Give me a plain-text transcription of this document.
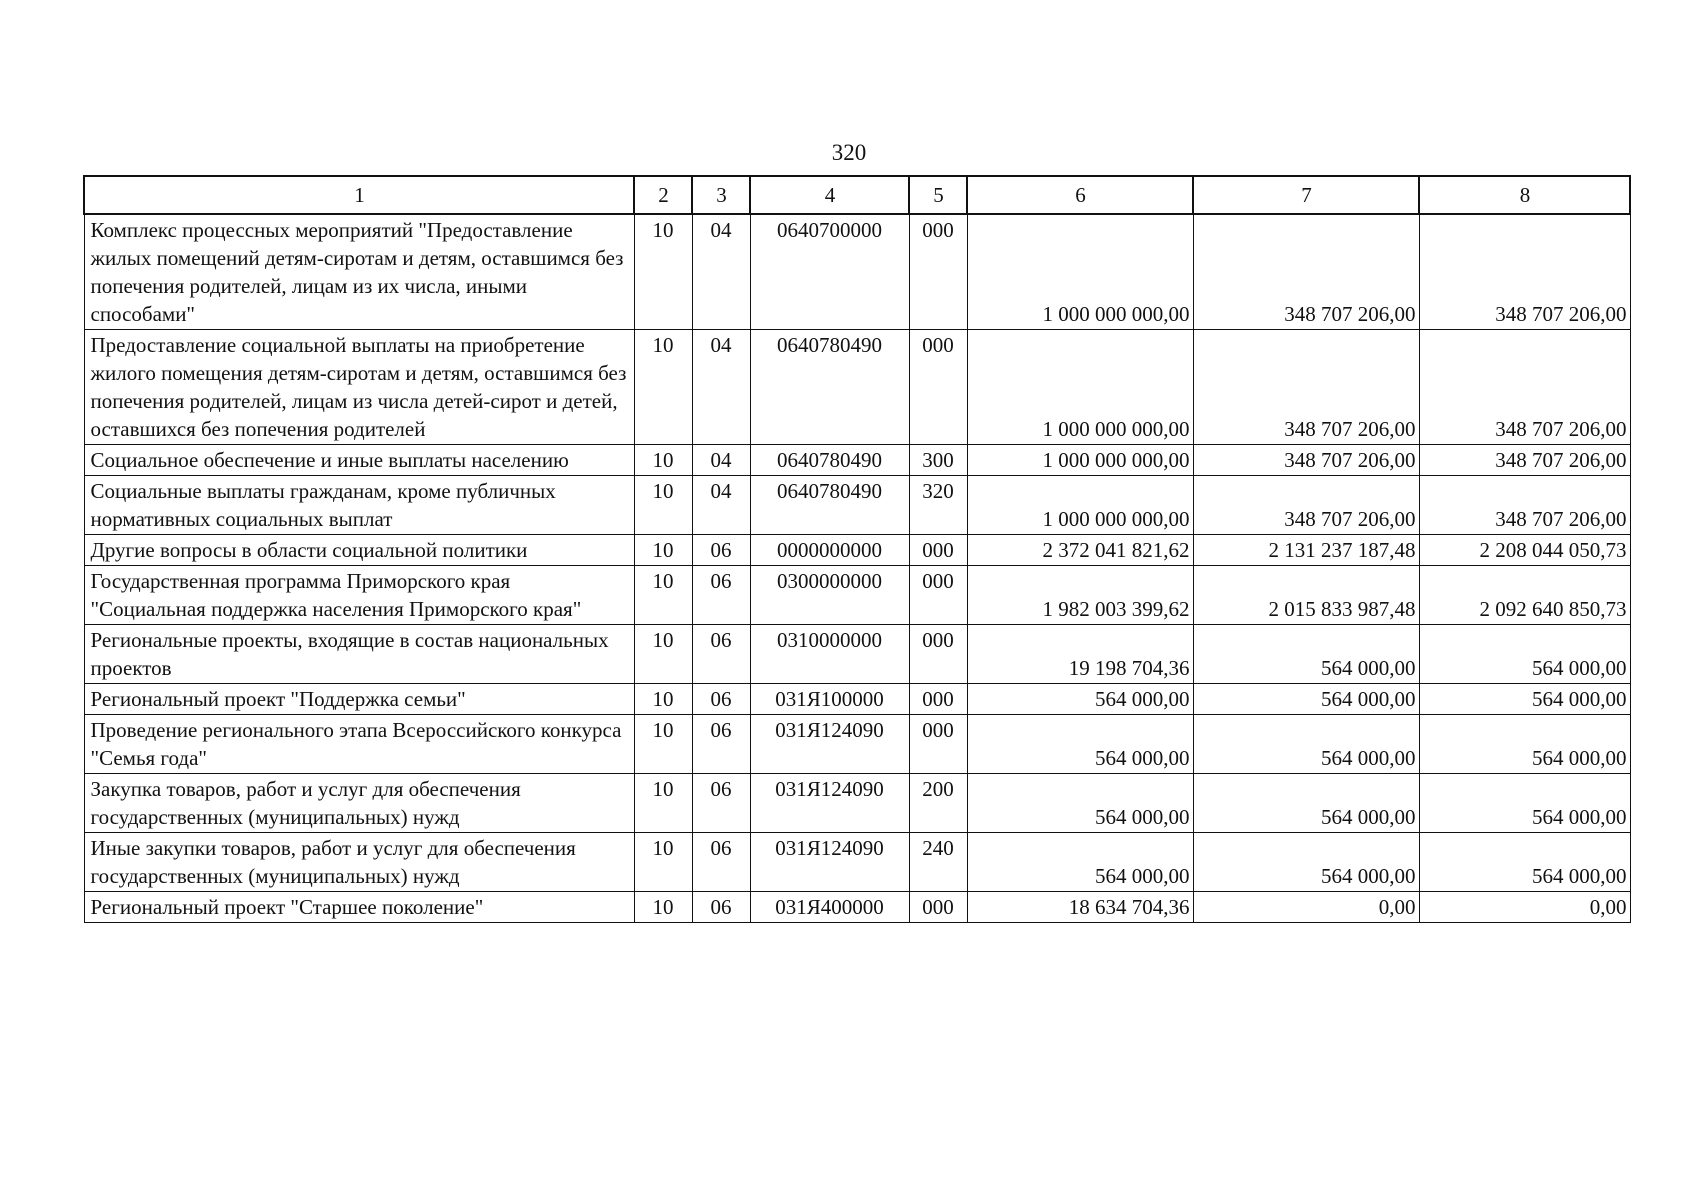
320
1	2	3	4	5	6	7	8
Комплекс процессных мероприятий "Предоставление жилых помещений детям-сиротам и детям, оставшимся без попечения родителей, лицам из их числа, иными способами"	10	04	0640700000	000	1 000 000 000,00	348 707 206,00	348 707 206,00
Предоставление социальной выплаты на приобретение жилого помещения детям-сиротам и детям, оставшимся без попечения родителей, лицам из числа детей-сирот и детей, оставшихся без попечения родителей	10	04	0640780490	000	1 000 000 000,00	348 707 206,00	348 707 206,00
Социальное обеспечение и иные выплаты населению	10	04	0640780490	300	1 000 000 000,00	348 707 206,00	348 707 206,00
Социальные выплаты гражданам, кроме публичных нормативных социальных выплат	10	04	0640780490	320	1 000 000 000,00	348 707 206,00	348 707 206,00
Другие вопросы в области социальной политики	10	06	0000000000	000	2 372 041 821,62	2 131 237 187,48	2 208 044 050,73
Государственная программа Приморского края "Социальная поддержка населения Приморского края"	10	06	0300000000	000	1 982 003 399,62	2 015 833 987,48	2 092 640 850,73
Региональные проекты, входящие в состав национальных проектов	10	06	0310000000	000	19 198 704,36	564 000,00	564 000,00
Региональный проект "Поддержка семьи"	10	06	031Я100000	000	564 000,00	564 000,00	564 000,00
Проведение регионального этапа Всероссийского конкурса "Семья года"	10	06	031Я124090	000	564 000,00	564 000,00	564 000,00
Закупка товаров, работ и услуг для обеспечения государственных (муниципальных) нужд	10	06	031Я124090	200	564 000,00	564 000,00	564 000,00
Иные закупки товаров, работ и услуг для обеспечения государственных (муниципальных) нужд	10	06	031Я124090	240	564 000,00	564 000,00	564 000,00
Региональный проект "Старшее поколение"	10	06	031Я400000	000	18 634 704,36	0,00	0,00
